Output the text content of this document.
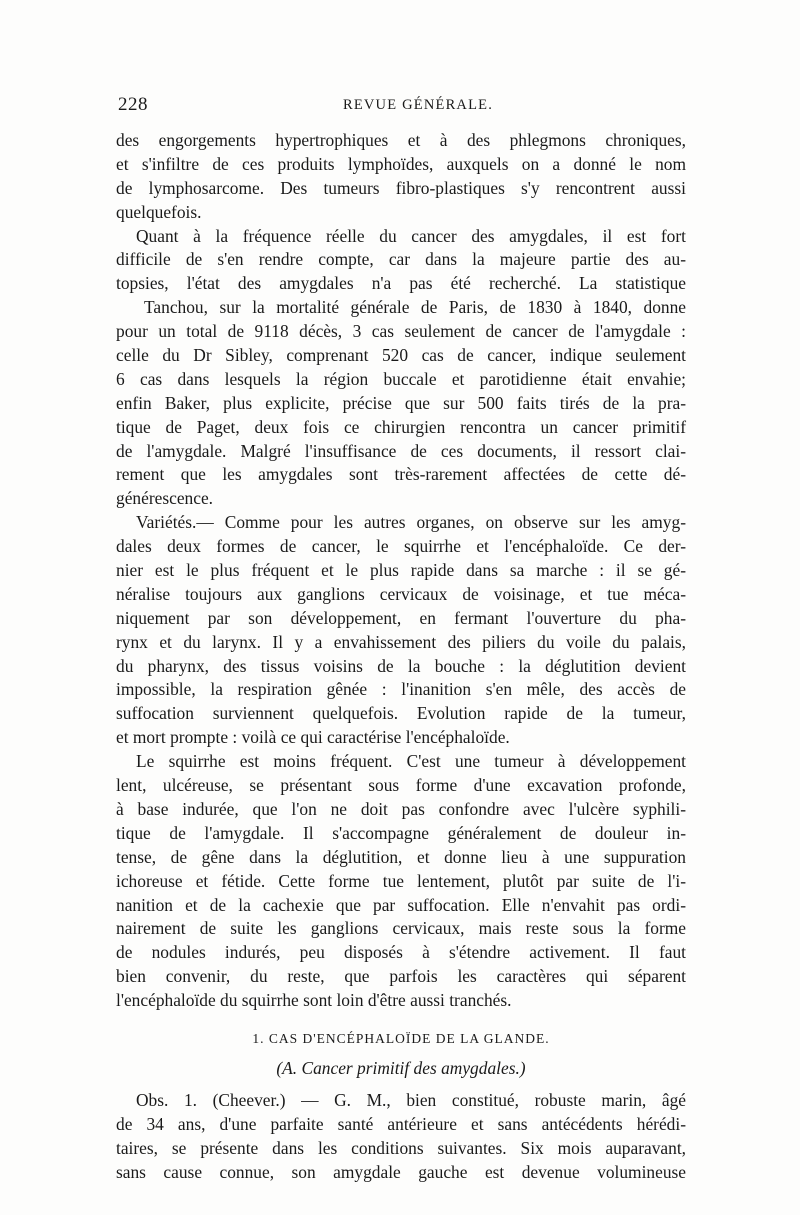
228	REVUE GÉNÉRALE.
des engorgements hypertrophiques et à des phlegmons chroniques,
et s'infiltre de ces produits lymphoïdes, auxquels on a donné le nom
de lymphosarcome. Des tumeurs fibro-plastiques s'y rencontrent aussi
quelquefois.
Quant à la fréquence réelle du cancer des amygdales, il est fort
difficile de s'en rendre compte, car dans la majeure partie des au-
topsies, l'état des amygdales n'a pas été recherché. La statistique
Tanchou, sur la mortalité générale de Paris, de 1830 à 1840, donne
pour un total de 9118 décès, 3 cas seulement de cancer de l'amygdale :
celle du Dr Sibley, comprenant 520 cas de cancer, indique seulement
6 cas dans lesquels la région buccale et parotidienne était envahie;
enfin Baker, plus explicite, précise que sur 500 faits tirés de la pra-
tique de Paget, deux fois ce chirurgien rencontra un cancer primitif
de l'amygdale. Malgré l'insuffisance de ces documents, il ressort clai-
rement que les amygdales sont très-rarement affectées de cette dé-
générescence.
Variétés.— Comme pour les autres organes, on observe sur les amyg-
dales deux formes de cancer, le squirrhe et l'encéphaloïde. Ce der-
nier est le plus fréquent et le plus rapide dans sa marche : il se gé-
néralise toujours aux ganglions cervicaux de voisinage, et tue méca-
niquement par son développement, en fermant l'ouverture du pha-
rynx et du larynx. Il y a envahissement des piliers du voile du palais,
du pharynx, des tissus voisins de la bouche : la déglutition devient
impossible, la respiration gênée : l'inanition s'en mêle, des accès de
suffocation surviennent quelquefois. Evolution rapide de la tumeur,
et mort prompte : voilà ce qui caractérise l'encéphaloïde.
Le squirrhe est moins fréquent. C'est une tumeur à développement
lent, ulcéreuse, se présentant sous forme d'une excavation profonde,
à base indurée, que l'on ne doit pas confondre avec l'ulcère syphili-
tique de l'amygdale. Il s'accompagne généralement de douleur in-
tense, de gêne dans la déglutition, et donne lieu à une suppuration
ichoreuse et fétide. Cette forme tue lentement, plutôt par suite de l'i-
nanition et de la cachexie que par suffocation. Elle n'envahit pas ordi-
nairement de suite les ganglions cervicaux, mais reste sous la forme
de nodules indurés, peu disposés à s'étendre activement. Il faut
bien convenir, du reste, que parfois les caractères qui séparent
l'encéphaloïde du squirrhe sont loin d'être aussi tranchés.
1. CAS D'ENCÉPHALOÏDE DE LA GLANDE.
(A. Cancer primitif des amygdales.)
Obs. 1. (Cheever.) — G. M., bien constitué, robuste marin, âgé
de 34 ans, d'une parfaite santé antérieure et sans antécédents hérédi-
taires, se présente dans les conditions suivantes. Six mois auparavant,
sans cause connue, son amygdale gauche est devenue volumineuse
